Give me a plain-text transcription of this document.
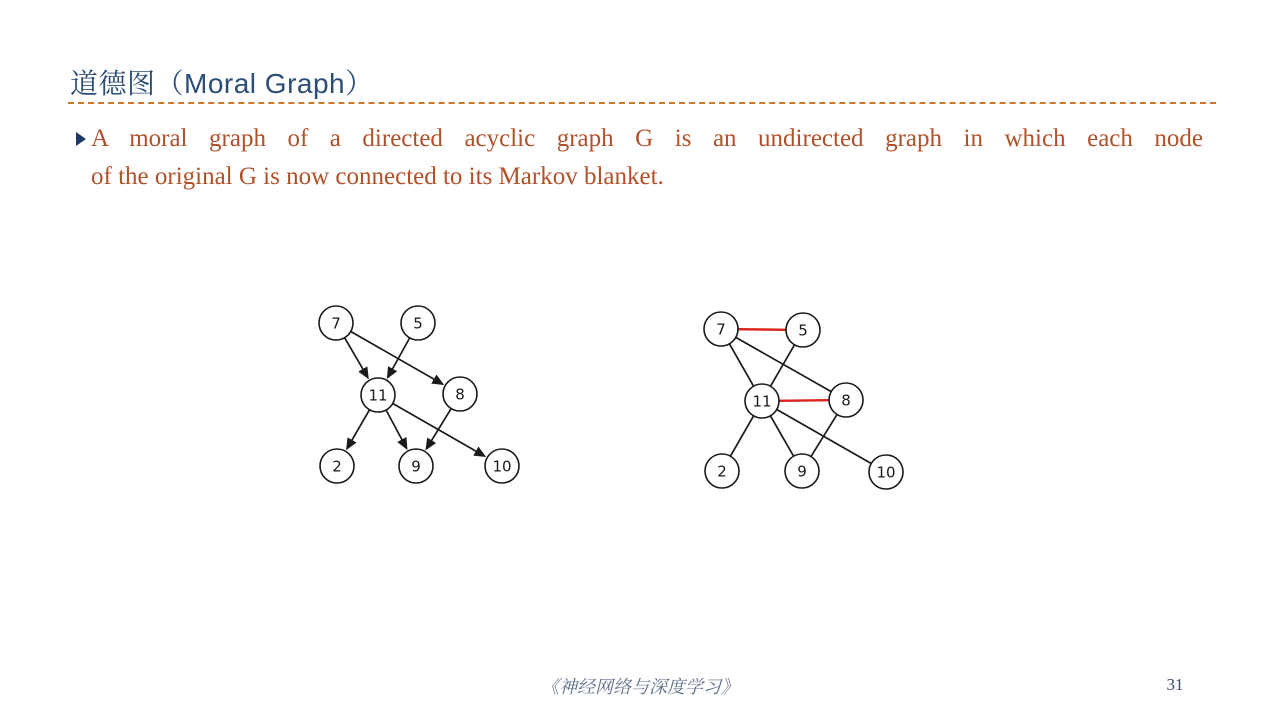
道德图（Moral Graph）
A moral graph of a directed acyclic graph G is an undirected graph in which each node
of the original G is now connected to its Markov blanket.
7	5
11	8
2	9	10
7	5
11	8
2	9	10
《神经网络与深度学习》	31
